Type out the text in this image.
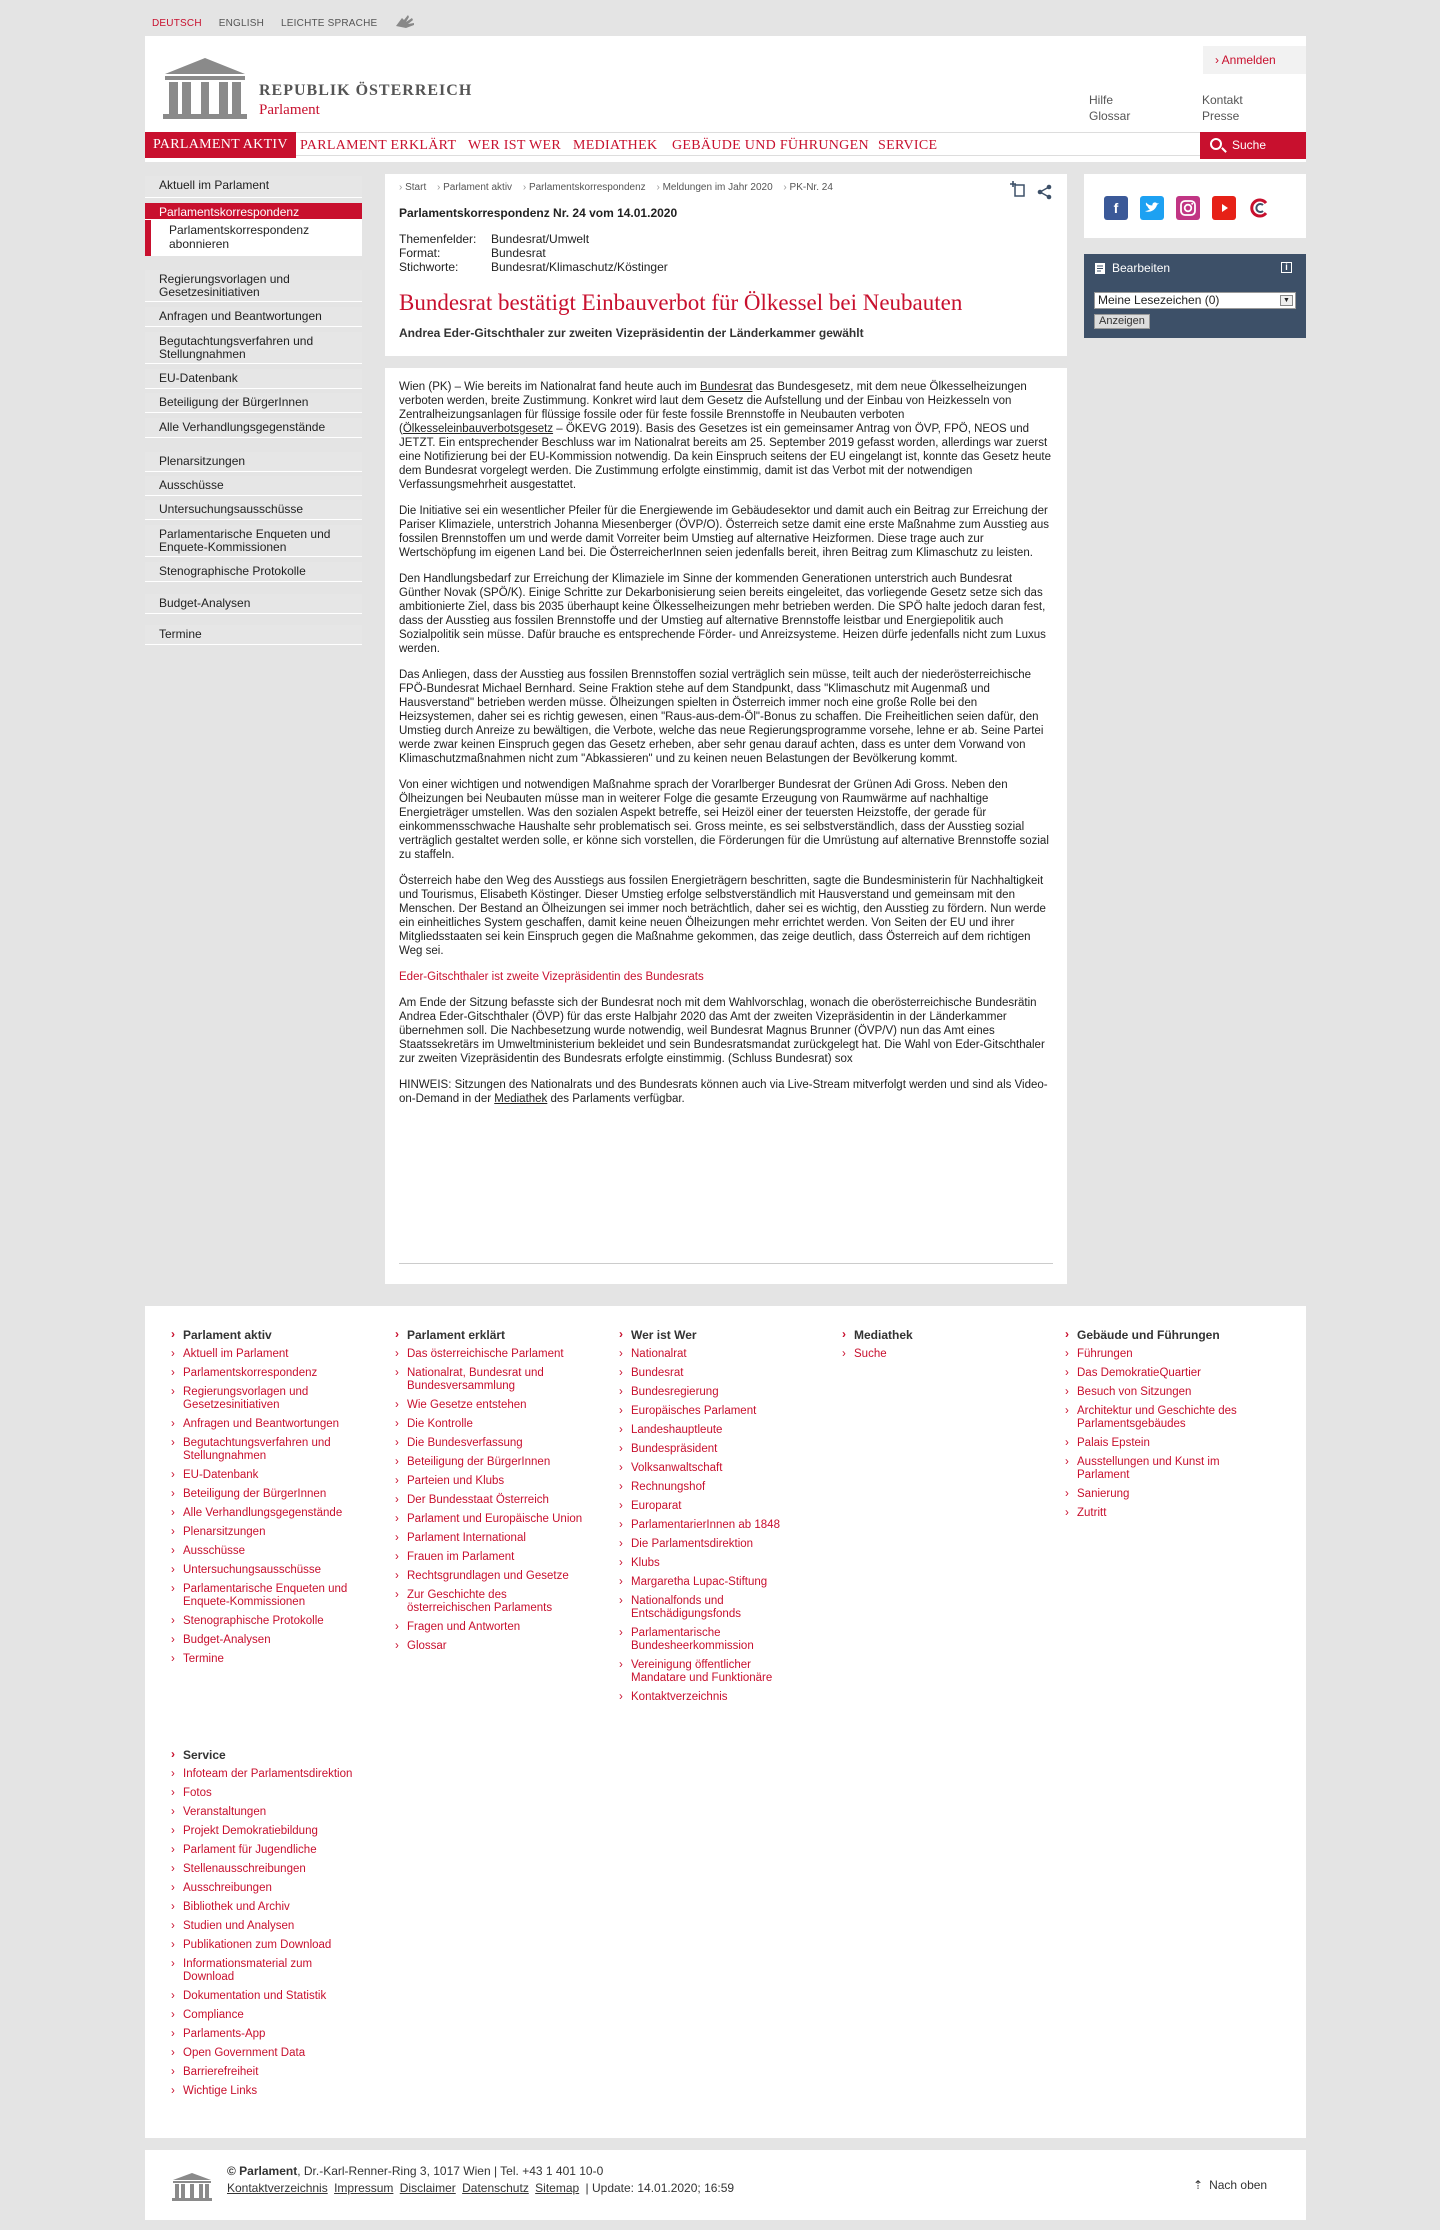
DEUTSCH ENGLISH LEICHTE SPRACHE
REPUBLIK ÖSTERREICH
Parlament
› Anmelden
Hilfe
Glossar
Kontakt
Presse
PARLAMENT AKTIV PARLAMENT ERKLÄRT WER IST WER MEDIATHEK GEBÄUDE UND FÜHRUNGEN SERVICE	Suche
Aktuell im Parlament
Parlamentskorrespondenz
Parlamentskorrespondenz abonnieren
Regierungsvorlagen und Gesetzesinitiativen
Anfragen und Beantwortungen
Begutachtungsverfahren und Stellungnahmen
EU-Datenbank
Beteiligung der BürgerInnen
Alle Verhandlungsgegenstände
Plenarsitzungen
Ausschüsse
Untersuchungsausschüsse
Parlamentarische Enqueten und Enquete-Kommissionen
Stenographische Protokolle
Budget-Analysen
Termine
› Start › Parlament aktiv › Parlamentskorrespondenz › Meldungen im Jahr 2020 › PK-Nr. 24
Parlamentskorrespondenz Nr. 24 vom 14.01.2020
Themenfelder:	Bundesrat/Umwelt
Format:	Bundesrat
Stichworte:	Bundesrat/Klimaschutz/Köstinger
Bundesrat bestätigt Einbauverbot für Ölkessel bei Neubauten
Andrea Eder-Gitschthaler zur zweiten Vizepräsidentin der Länderkammer gewählt

Wien (PK) – Wie bereits im Nationalrat fand heute auch im Bundesrat das Bundesgesetz, mit dem neue Ölkesselheizungen verboten werden, breite Zustimmung. Konkret wird laut dem Gesetz die Aufstellung und der Einbau von Heizkesseln von Zentralheizungsanlagen für flüssige fossile oder für feste fossile Brennstoffe in Neubauten verboten (Ölkesseleinbauverbotsgesetz – ÖKEVG 2019). Basis des Gesetzes ist ein gemeinsamer Antrag von ÖVP, FPÖ, NEOS und JETZT. Ein entsprechender Beschluss war im Nationalrat bereits am 25. September 2019 gefasst worden, allerdings war zuerst eine Notifizierung bei der EU-Kommission notwendig. Da kein Einspruch seitens der EU eingelangt ist, konnte das Gesetz heute dem Bundesrat vorgelegt werden. Die Zustimmung erfolgte einstimmig, damit ist das Verbot mit der notwendigen Verfassungsmehrheit ausgestattet.

Die Initiative sei ein wesentlicher Pfeiler für die Energiewende im Gebäudesektor und damit auch ein Beitrag zur Erreichung der Pariser Klimaziele, unterstrich Johanna Miesenberger (ÖVP/O). Österreich setze damit eine erste Maßnahme zum Ausstieg aus fossilen Brennstoffen um und werde damit Vorreiter beim Umstieg auf alternative Heizformen. Diese trage auch zur Wertschöpfung im eigenen Land bei. Die ÖsterreicherInnen seien jedenfalls bereit, ihren Beitrag zum Klimaschutz zu leisten.

Den Handlungsbedarf zur Erreichung der Klimaziele im Sinne der kommenden Generationen unterstrich auch Bundesrat Günther Novak (SPÖ/K). Einige Schritte zur Dekarbonisierung seien bereits eingeleitet, das vorliegende Gesetz setze sich das ambitionierte Ziel, dass bis 2035 überhaupt keine Ölkesselheizungen mehr betrieben werden. Die SPÖ halte jedoch daran fest, dass der Ausstieg aus fossilen Brennstoffe und der Umstieg auf alternative Brennstoffe leistbar und Energiepolitik auch Sozialpolitik sein müsse. Dafür brauche es entsprechende Förder- und Anreizsysteme. Heizen dürfe jedenfalls nicht zum Luxus werden.

Das Anliegen, dass der Ausstieg aus fossilen Brennstoffen sozial verträglich sein müsse, teilt auch der niederösterreichische FPÖ-Bundesrat Michael Bernhard. Seine Fraktion stehe auf dem Standpunkt, dass "Klimaschutz mit Augenmaß und Hausverstand" betrieben werden müsse. Ölheizungen spielten in Österreich immer noch eine große Rolle bei den Heizsystemen, daher sei es richtig gewesen, einen "Raus-aus-dem-Öl"-Bonus zu schaffen. Die Freiheitlichen seien dafür, den Umstieg durch Anreize zu bewältigen, die Verbote, welche das neue Regierungsprogramme vorsehe, lehne er ab. Seine Partei werde zwar keinen Einspruch gegen das Gesetz erheben, aber sehr genau darauf achten, dass es unter dem Vorwand von Klimaschutzmaßnahmen nicht zum "Abkassieren" und zu keinen neuen Belastungen der Bevölkerung kommt.

Von einer wichtigen und notwendigen Maßnahme sprach der Vorarlberger Bundesrat der Grünen Adi Gross. Neben den Ölheizungen bei Neubauten müsse man in weiterer Folge die gesamte Erzeugung von Raumwärme auf nachhaltige Energieträger umstellen. Was den sozialen Aspekt betreffe, sei Heizöl einer der teuersten Heizstoffe, der gerade für einkommensschwache Haushalte sehr problematisch sei. Gross meinte, es sei selbstverständlich, dass der Ausstieg sozial verträglich gestaltet werden solle, er könne sich vorstellen, die Förderungen für die Umrüstung auf alternative Brennstoffe sozial zu staffeln.

Österreich habe den Weg des Ausstiegs aus fossilen Energieträgern beschritten, sagte die Bundesministerin für Nachhaltigkeit und Tourismus, Elisabeth Köstinger. Dieser Umstieg erfolge selbstverständlich mit Hausverstand und gemeinsam mit den Menschen. Der Bestand an Ölheizungen sei immer noch beträchtlich, daher sei es wichtig, den Ausstieg zu fördern. Nun werde ein einheitliches System geschaffen, damit keine neuen Ölheizungen mehr errichtet werden. Von Seiten der EU und ihrer Mitgliedsstaaten sei kein Einspruch gegen die Maßnahme gekommen, das zeige deutlich, dass Österreich auf dem richtigen Weg sei.

Eder-Gitschthaler ist zweite Vizepräsidentin des Bundesrats

Am Ende der Sitzung befasste sich der Bundesrat noch mit dem Wahlvorschlag, wonach die oberösterreichische Bundesrätin Andrea Eder-Gitschthaler (ÖVP) für das erste Halbjahr 2020 das Amt der zweiten Vizepräsidentin in der Länderkammer übernehmen soll. Die Nachbesetzung wurde notwendig, weil Bundesrat Magnus Brunner (ÖVP/V) nun das Amt eines Staatssekretärs im Umweltministerium bekleidet und sein Bundesratsmandat zurückgelegt hat. Die Wahl von Eder-Gitschthaler zur zweiten Vizepräsidentin des Bundesrats erfolgte einstimmig. (Schluss Bundesrat) sox

HINWEIS: Sitzungen des Nationalrats und des Bundesrats können auch via Live-Stream mitverfolgt werden und sind als Video-on-Demand in der Mediathek des Parlaments verfügbar.

f
Bearbeiten	i
Meine Lesezeichen (0)	▼
Anzeigen
› Parlament aktiv
› Aktuell im Parlament
› Parlamentskorrespondenz
› Regierungsvorlagen und Gesetzesinitiativen
› Anfragen und Beantwortungen
› Begutachtungsverfahren und Stellungnahmen
› EU-Datenbank
› Beteiligung der BürgerInnen
› Alle Verhandlungsgegenstände
› Plenarsitzungen
› Ausschüsse
› Untersuchungsausschüsse
› Parlamentarische Enqueten und Enquete-Kommissionen
› Stenographische Protokolle
› Budget-Analysen
› Termine
› Parlament erklärt
› Das österreichische Parlament
› Nationalrat, Bundesrat und Bundesversammlung
› Wie Gesetze entstehen
› Die Kontrolle
› Die Bundesverfassung
› Beteiligung der BürgerInnen
› Parteien und Klubs
› Der Bundesstaat Österreich
› Parlament und Europäische Union
› Parlament International
› Frauen im Parlament
› Rechtsgrundlagen und Gesetze
› Zur Geschichte des österreichischen Parlaments
› Fragen und Antworten
› Glossar
› Wer ist Wer
› Nationalrat
› Bundesrat
› Bundesregierung
› Europäisches Parlament
› Landeshauptleute
› Bundespräsident
› Volksanwaltschaft
› Rechnungshof
› Europarat
› ParlamentarierInnen ab 1848
› Die Parlamentsdirektion
› Klubs
› Margaretha Lupac-Stiftung
› Nationalfonds und Entschädigungsfonds
› Parlamentarische Bundesheerkommission
› Vereinigung öffentlicher Mandatare und Funktionäre
› Kontaktverzeichnis
› Mediathek
› Suche
› Gebäude und Führungen
› Führungen
› Das DemokratieQuartier
› Besuch von Sitzungen
› Architektur und Geschichte des Parlamentsgebäudes
› Palais Epstein
› Ausstellungen und Kunst im Parlament
› Sanierung
› Zutritt
› Service
› Infoteam der Parlamentsdirektion
› Fotos
› Veranstaltungen
› Projekt Demokratiebildung
› Parlament für Jugendliche
› Stellenausschreibungen
› Ausschreibungen
› Bibliothek und Archiv
› Studien und Analysen
› Publikationen zum Download
› Informationsmaterial zum Download
› Dokumentation und Statistik
› Compliance
› Parlaments-App
› Open Government Data
› Barrierefreiheit
› Wichtige Links
© Parlament, Dr.-Karl-Renner-Ring 3, 1017 Wien | Tel. +43 1 401 10-0
Kontaktverzeichnis Impressum Disclaimer Datenschutz Sitemap | Update: 14.01.2020; 16:59	⇡ Nach oben
